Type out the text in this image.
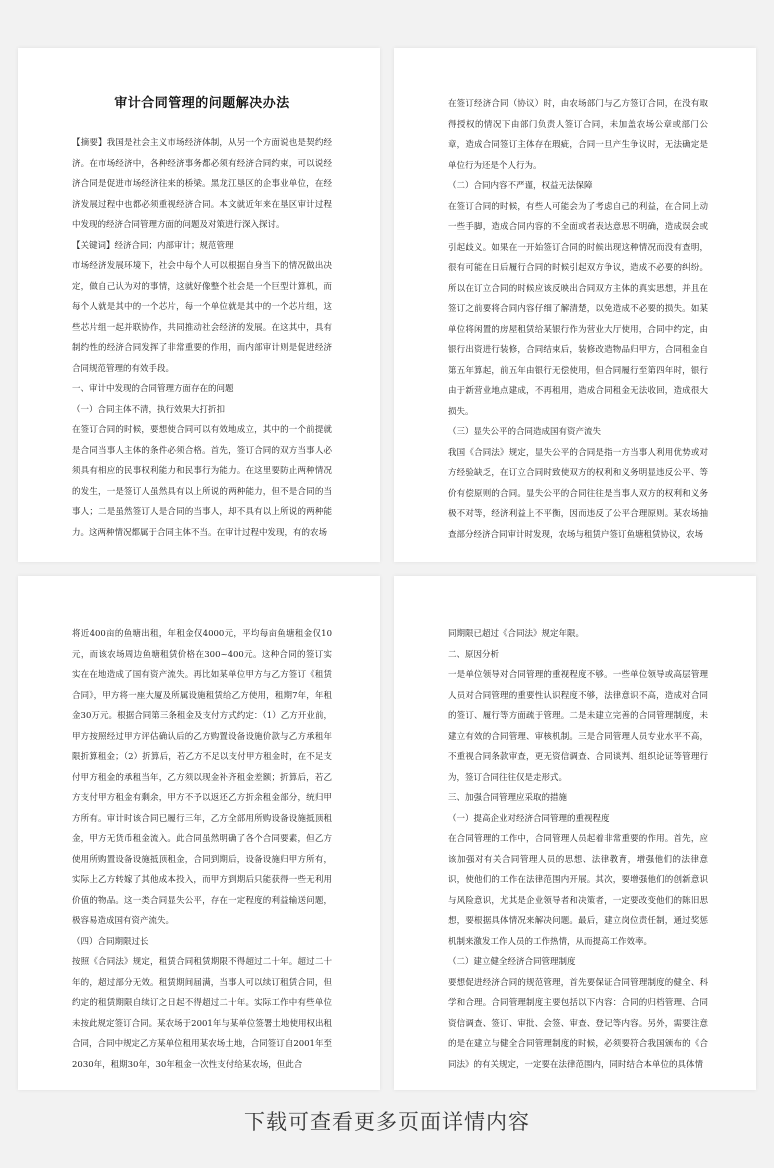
审计合同管理的问题解决办法

【摘要】我国是社会主义市场经济体制，从另一个方面说也是契约经济。在市场经济中，各种经济事务都必须有经济合同约束，可以说经济合同是促进市场经济往来的桥梁。黑龙江垦区的企事业单位，在经济发展过程中也都必须重视经济合同。本文就近年来在垦区审计过程中发现的经济合同管理方面的问题及对策进行深入探讨。

【关键词】经济合同；内部审计；规范管理

市场经济发展环境下，社会中每个人可以根据自身当下的情况做出决定，做自己认为对的事情，这就好像整个社会是一个巨型计算机，而每个人就是其中的一个芯片，每一个单位就是其中的一个芯片组，这些芯片组一起并联协作，共同推动社会经济的发展。在这其中，具有制约性的经济合同发挥了非常重要的作用，而内部审计则是促进经济合同规范管理的有效手段。

一、审计中发现的合同管理方面存在的问题

（一）合同主体不清，执行效果大打折扣

在签订合同的时候，要想使合同可以有效地成立，其中的一个前提就是合同当事人主体的条件必须合格。首先，签订合同的双方当事人必须具有相应的民事权利能力和民事行为能力。在这里要防止两种情况的发生，一是签订人虽然具有以上所说的两种能力，但不是合同的当事人；二是虽然签订人是合同的当事人，却不具有以上所说的两种能力。这两种情况都属于合同主体不当。在审计过程中发现，有的农场

在签订经济合同（协议）时，由农场部门与乙方签订合同，在没有取得授权的情况下由部门负责人签订合同，未加盖农场公章或部门公章，造成合同签订主体存在瑕疵，合同一旦产生争议时，无法确定是单位行为还是个人行为。

（二）合同内容不严谨，权益无法保障

在签订合同的时候，有些人可能会为了考虑自己的利益，在合同上动一些手脚，造成合同内容的不全面或者表达意思不明确，造成误会或引起歧义。如果在一开始签订合同的时候出现这种情况而没有查明，很有可能在日后履行合同的时候引起双方争议，造成不必要的纠纷。所以在订立合同的时候应该反映出合同双方主体的真实思想，并且在签订之前要将合同内容仔细了解清楚，以免造成不必要的损失。如某单位将闲置的房屋租赁给某银行作为营业大厅使用，合同中约定，由银行出资进行装修，合同结束后，装修改造物品归甲方，合同租金自第五年算起，前五年由银行无偿使用，但合同履行至第四年时，银行由于新营业地点建成，不再租用，造成合同租金无法收回，造成很大损失。

（三）显失公平的合同造成国有资产流失

我国《合同法》规定，显失公平的合同是指一方当事人利用优势或对方经验缺乏，在订立合同时致使双方的权利和义务明显违反公平、等价有偿原则的合同。显失公平的合同往往是当事人双方的权利和义务极不对等，经济利益上不平衡，因而违反了公平合理原则。某农场抽查部分经济合同审计时发现，农场与租赁户签订鱼塘租赁协议，农场

将近400亩的鱼塘出租，年租金仅4000元，平均每亩鱼塘租金仅10元，而该农场周边鱼塘租赁价格在300~400元。这种合同的签订实实在在地造成了国有资产流失。再比如某单位甲方与乙方签订《租赁合同》，甲方将一座大厦及所属设施租赁给乙方使用，租期7年，年租金30万元。根据合同第三条租金及支付方式约定：（1）乙方开业前，甲方按照经过甲方评估确认后的乙方购置设备设施价款与乙方承租年限折算租金；（2）折算后，若乙方不足以支付甲方租金时，在不足支付甲方租金的承租当年，乙方须以现金补齐租金差额；折算后，若乙方支付甲方租金有剩余，甲方不予以返还乙方折余租金部分，统归甲方所有。审计时该合同已履行三年，乙方全部用所购设备设施抵顶租金，甲方无货币租金流入。此合同虽然明确了各个合同要素，但乙方使用所购置设备设施抵顶租金，合同到期后，设备设施归甲方所有，实际上乙方转嫁了其他成本投入，而甲方到期后只能获得一些无利用价值的物品。这一类合同显失公平，存在一定程度的利益输送问题，极容易造成国有资产流失。

（四）合同期限过长

按照《合同法》规定，租赁合同租赁期限不得超过二十年。超过二十年的，超过部分无效。租赁期间届满，当事人可以续订租赁合同，但约定的租赁期限自续订之日起不得超过二十年。实际工作中有些单位未按此规定签订合同。某农场于2001年与某单位签署土地使用权出租合同，合同中规定乙方某单位租用某农场土地，合同签订自2001年至2030年，租期30年，30年租金一次性支付给某农场，但此合

同期限已超过《合同法》规定年限。

二、原因分析

一是单位领导对合同管理的重视程度不够。一些单位领导或高层管理人员对合同管理的重要性认识程度不够，法律意识不高，造成对合同的签订、履行等方面疏于管理。二是未建立完善的合同管理制度，未建立有效的合同管理、审核机制。三是合同管理人员专业水平不高，不重视合同条款审查，更无资信调查、合同谈判、组织论证等管理行为，签订合同往往仅是走形式。

三、加强合同管理应采取的措施

（一）提高企业对经济合同管理的重视程度

在合同管理的工作中，合同管理人员起着非常重要的作用。首先，应该加强对有关合同管理人员的思想、法律教育，增强他们的法律意识，使他们的工作在法律范围内开展。其次，要增强他们的创新意识与风险意识，尤其是企业领导者和决策者，一定要改变他们的陈旧思想，要根据具体情况来解决问题。最后，建立岗位责任制，通过奖惩机制来激发工作人员的工作热情，从而提高工作效率。

（二）建立健全经济合同管理制度

要想促进经济合同的规范管理，首先要保证合同管理制度的健全、科学和合理。合同管理制度主要包括以下内容：合同的归档管理、合同资信调查、签订、审批、会签、审查、登记等内容。另外，需要注意的是在建立与健全合同管理制度的时候，必须要符合我国颁布的《合同法》的有关规定，一定要在法律范围内，同时结合本单位的具体情

下载可查看更多页面详情内容
